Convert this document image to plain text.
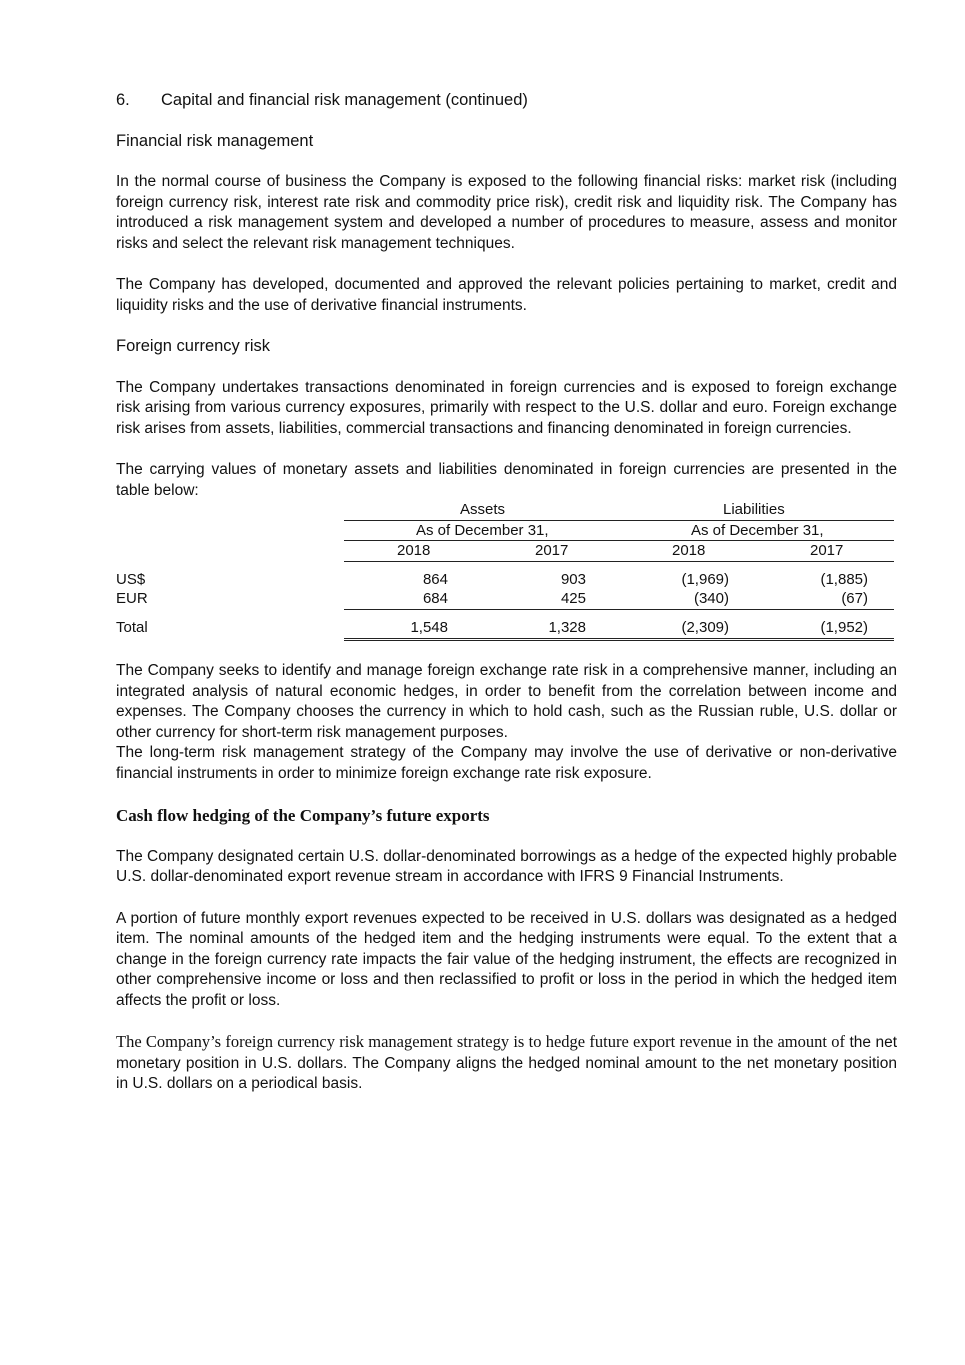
6.	Capital and financial risk management (continued)
Financial risk management

In the normal course of business the Company is exposed to the following financial risks: market risk (including foreign currency risk, interest rate risk and commodity price risk), credit risk and liquidity risk. The Company has introduced a risk management system and developed a number of procedures to measure, assess and monitor risks and select the relevant risk management techniques.

The Company has developed, documented and approved the relevant policies pertaining to market, credit and liquidity risks and the use of derivative financial instruments.

Foreign currency risk

The Company undertakes transactions denominated in foreign currencies and is exposed to foreign exchange risk arising from various currency exposures, primarily with respect to the U.S. dollar and euro. Foreign exchange risk arises from assets, liabilities, commercial transactions and financing denominated in foreign currencies.

The carrying values of monetary assets and liabilities denominated in foreign currencies are presented in the table below:

Assets	Liabilities
As of December 31,	As of December 31,
2018	2017	2018	2017
US$	864	903	(1,969)	(1,885)
EUR	684	425	(340)	(67)
Total	1,548	1,328	(2,309)	(1,952)

The Company seeks to identify and manage foreign exchange rate risk in a comprehensive manner, including an integrated analysis of natural economic hedges, in order to benefit from the correlation between income and expenses. The Company chooses the currency in which to hold cash, such as the Russian ruble, U.S. dollar or other currency for short-term risk management purposes.

The long-term risk management strategy of the Company may involve the use of derivative or non-derivative financial instruments in order to minimize foreign exchange rate risk exposure.

Cash flow hedging of the Company’s future exports

The Company designated certain U.S. dollar-denominated borrowings as a hedge of the expected highly probable U.S. dollar-denominated export revenue stream in accordance with IFRS 9 Financial Instruments.

A portion of future monthly export revenues expected to be received in U.S. dollars was designated as a hedged item. The nominal amounts of the hedged item and the hedging instruments were equal. To the extent that a change in the foreign currency rate impacts the fair value of the hedging instrument, the effects are recognized in other comprehensive income or loss and then reclassified to profit or loss in the period in which the hedged item affects the profit or loss.

The Company’s foreign currency risk management strategy is to hedge future export revenue in the amount of the net monetary position in U.S. dollars. The Company aligns the hedged nominal amount to the net monetary position in U.S. dollars on a periodical basis.
